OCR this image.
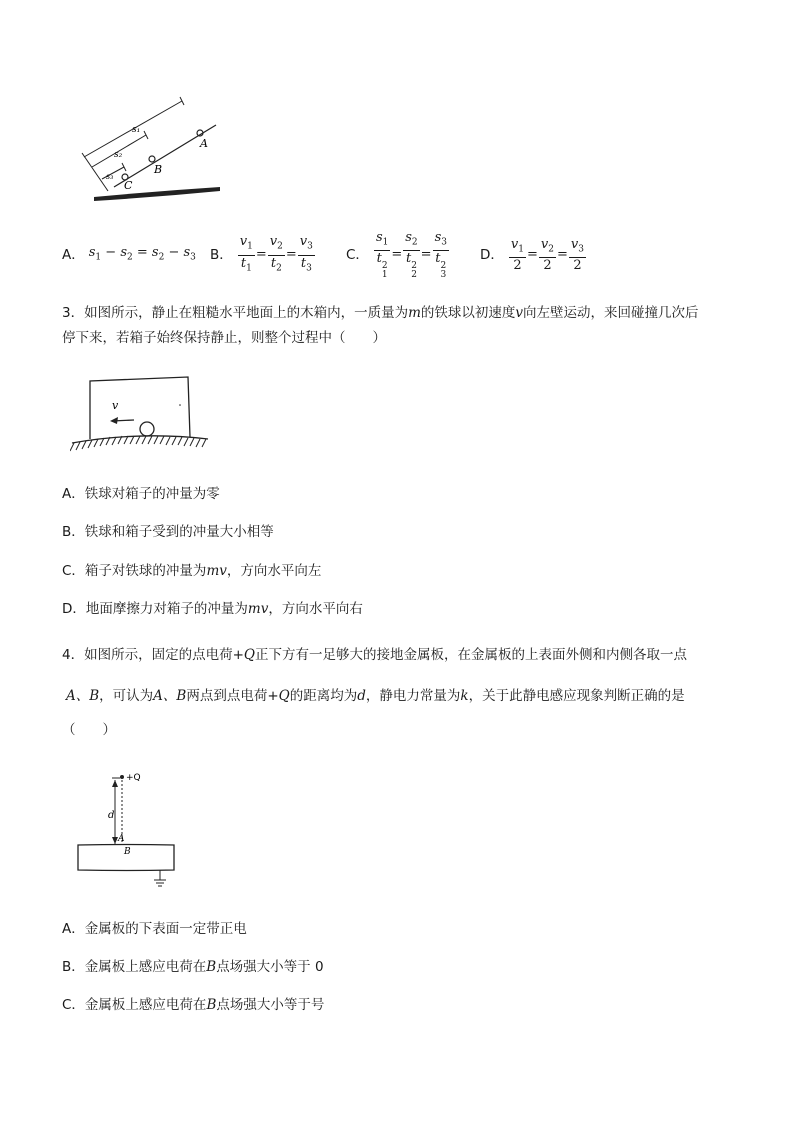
s₁
s₂
s₃
A
B
C
A． $s_1 - s_2 = s_2 - s_3$ B． $\frac{v_1}{t_1} = \frac{v_2}{t_2} = \frac{v_3}{t_3}$ C． $s_1$
t 2
$1 = s_2$
t 2
$2 = s_3$
t 2
3 D． $\frac{v_1}{2} = \frac{v_2}{2} = \frac{v_3}{2}$
3．如图所示，静止在粗糙水平地面上的木箱内，一质量为m的铁球以初速度v向左壁运动，来回碰撞几次后
停下来，若箱子始终保持静止，则整个过程中（　　）
v
A．铁球对箱子的冲量为零
B．铁球和箱子受到的冲量大小相等
C．箱子对铁球的冲量为mv，方向水平向左
D．地面摩擦力对箱子的冲量为mv，方向水平向右
4．如图所示，固定的点电荷+Q正下方有一足够大的接地金属板，在金属板的上表面外侧和内侧各取一点
A、B，可认为A、B两点到点电荷+Q的距离均为d，静电力常量为k，关于此静电感应现象判断正确的是
（　　）
+Q
d
A
B
A．金属板的下表面一定带正电
B．金属板上感应电荷在B点场强大小等于 0
C．金属板上感应电荷在B点场强大小等于号
